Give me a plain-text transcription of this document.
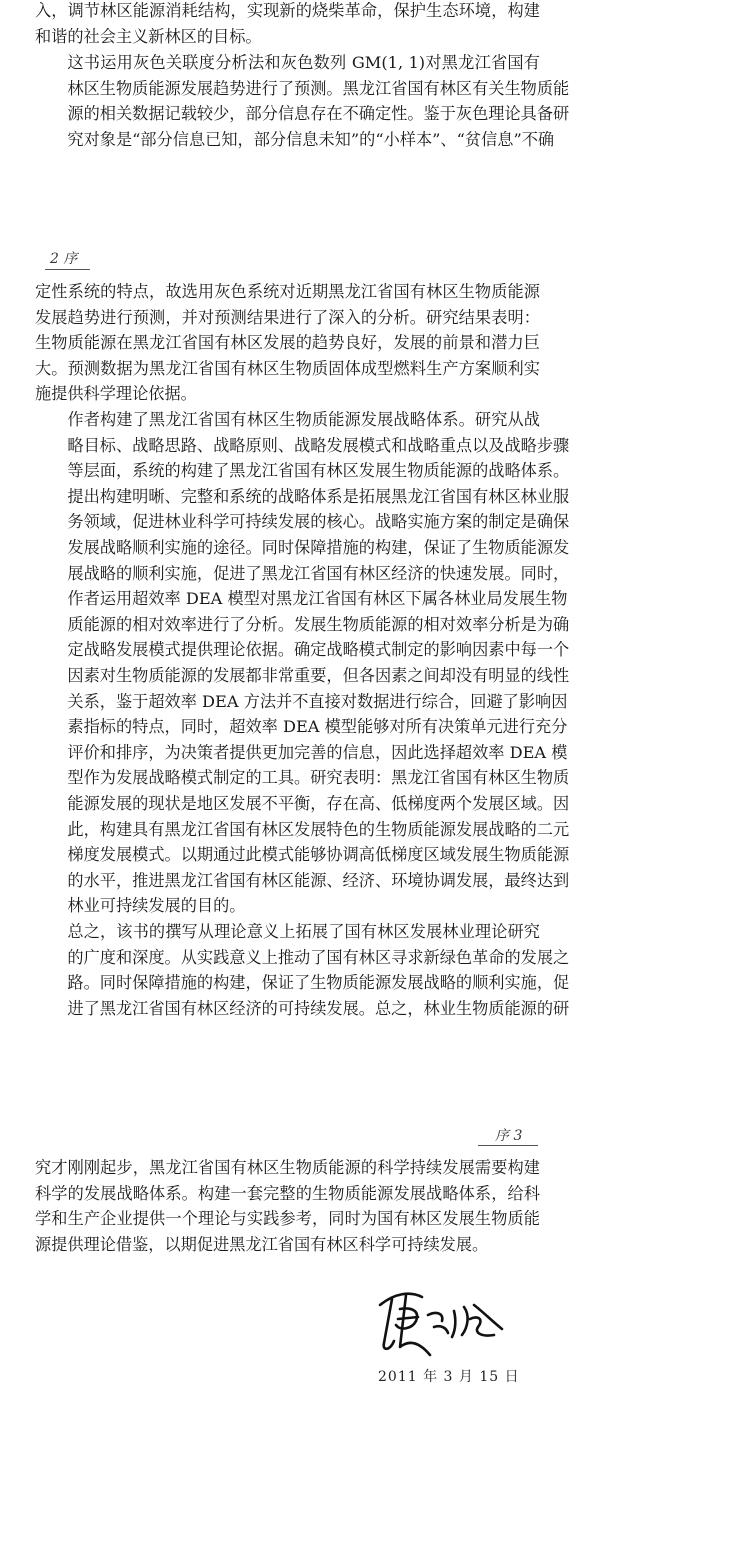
入，调节林区能源消耗结构，实现新的烧柴革命，保护生态环境，构建
和谐的社会主义新林区的目标。
这书运用灰色关联度分析法和灰色数列 GM(1, 1)对黑龙江省国有
林区生物质能源发展趋势进行了预测。黑龙江省国有林区有关生物质能
源的相关数据记载较少，部分信息存在不确定性。鉴于灰色理论具备研
究对象是“部分信息已知，部分信息未知”的“小样本”、“贫信息”不确
2 序
定性系统的特点，故选用灰色系统对近期黑龙江省国有林区生物质能源
发展趋势进行预测，并对预测结果进行了深入的分析。研究结果表明：
生物质能源在黑龙江省国有林区发展的趋势良好，发展的前景和潜力巨
大。预测数据为黑龙江省国有林区生物质固体成型燃料生产方案顺利实
施提供科学理论依据。
作者构建了黑龙江省国有林区生物质能源发展战略体系。研究从战
略目标、战略思路、战略原则、战略发展模式和战略重点以及战略步骤
等层面，系统的构建了黑龙江省国有林区发展生物质能源的战略体系。
提出构建明晰、完整和系统的战略体系是拓展黑龙江省国有林区林业服
务领域，促进林业科学可持续发展的核心。战略实施方案的制定是确保
发展战略顺利实施的途径。同时保障措施的构建，保证了生物质能源发
展战略的顺利实施，促进了黑龙江省国有林区经济的快速发展。同时，
作者运用超效率 DEA 模型对黑龙江省国有林区下属各林业局发展生物
质能源的相对效率进行了分析。发展生物质能源的相对效率分析是为确
定战略发展模式提供理论依据。确定战略模式制定的影响因素中每一个
因素对生物质能源的发展都非常重要，但各因素之间却没有明显的线性
关系，鉴于超效率 DEA 方法并不直接对数据进行综合，回避了影响因
素指标的特点，同时，超效率 DEA 模型能够对所有决策单元进行充分
评价和排序，为决策者提供更加完善的信息，因此选择超效率 DEA 模
型作为发展战略模式制定的工具。研究表明：黑龙江省国有林区生物质
能源发展的现状是地区发展不平衡，存在高、低梯度两个发展区域。因
此，构建具有黑龙江省国有林区发展特色的生物质能源发展战略的二元
梯度发展模式。以期通过此模式能够协调高低梯度区域发展生物质能源
的水平，推进黑龙江省国有林区能源、经济、环境协调发展，最终达到
林业可持续发展的目的。
总之，该书的撰写从理论意义上拓展了国有林区发展林业理论研究
的广度和深度。从实践意义上推动了国有林区寻求新绿色革命的发展之
路。同时保障措施的构建，保证了生物质能源发展战略的顺利实施，促
进了黑龙江省国有林区经济的可持续发展。总之，林业生物质能源的研
序 3
究才刚刚起步，黑龙江省国有林区生物质能源的科学持续发展需要构建
科学的发展战略体系。构建一套完整的生物质能源发展战略体系，给科
学和生产企业提供一个理论与实践参考，同时为国有林区发展生物质能
源提供理论借鉴，以期促进黑龙江省国有林区科学可持续发展。
2011 年 3 月 15 日
